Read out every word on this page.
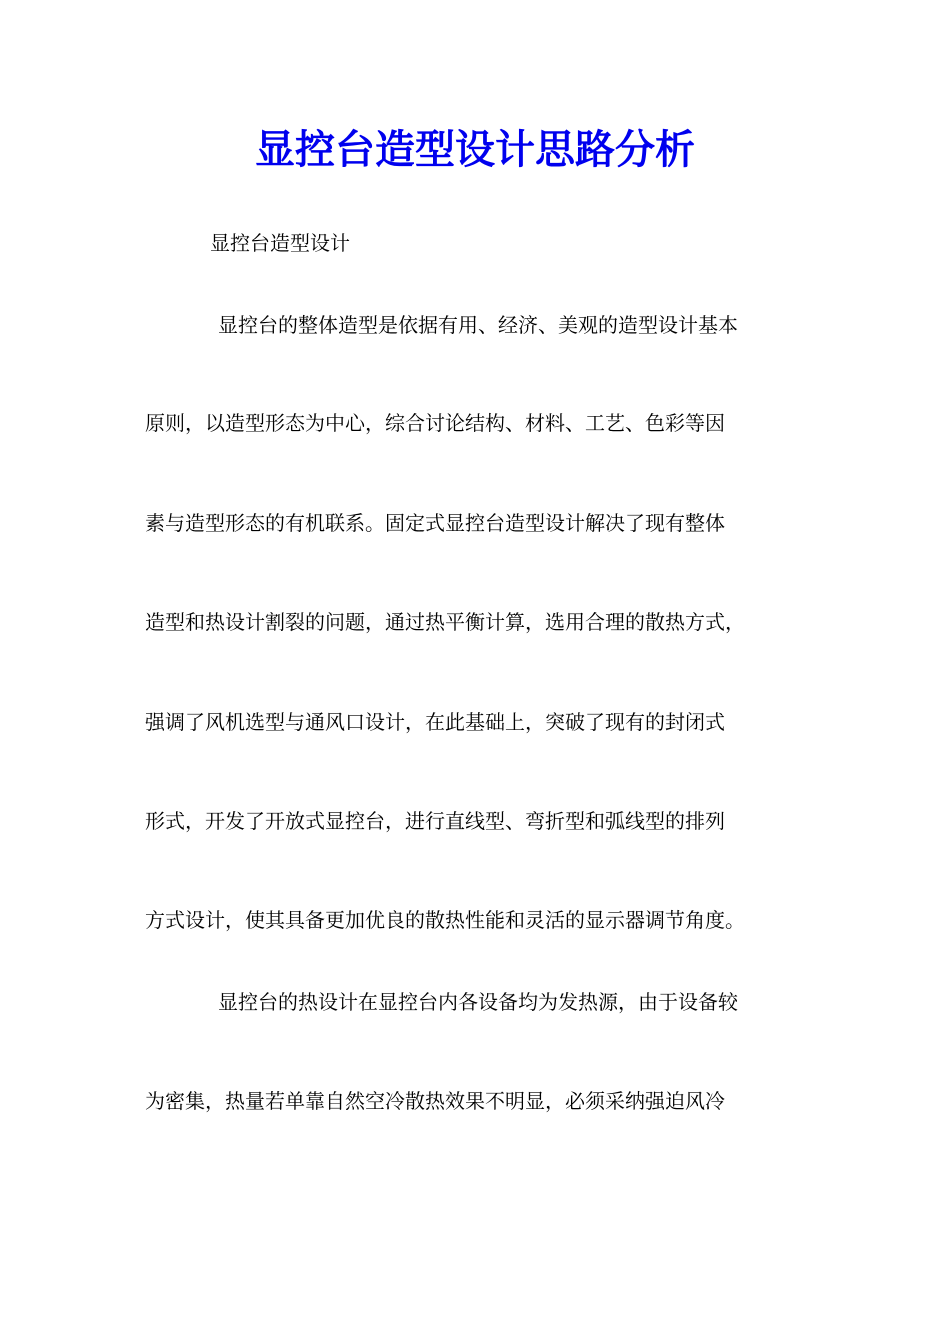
显控台造型设计思路分析

显控台造型设计

显控台的整体造型是依据有用、经济、美观的造型设计基本

原则，以造型形态为中心，综合讨论结构、材料、工艺、色彩等因

素与造型形态的有机联系。固定式显控台造型设计解决了现有整体

造型和热设计割裂的问题，通过热平衡计算，选用合理的散热方式，

强调了风机选型与通风口设计，在此基础上，突破了现有的封闭式

形式，开发了开放式显控台，进行直线型、弯折型和弧线型的排列

方式设计，使其具备更加优良的散热性能和灵活的显示器调节角度。

显控台的热设计在显控台内各设备均为发热源，由于设备较

为密集，热量若单靠自然空冷散热效果不明显，必须采纳强迫风冷
